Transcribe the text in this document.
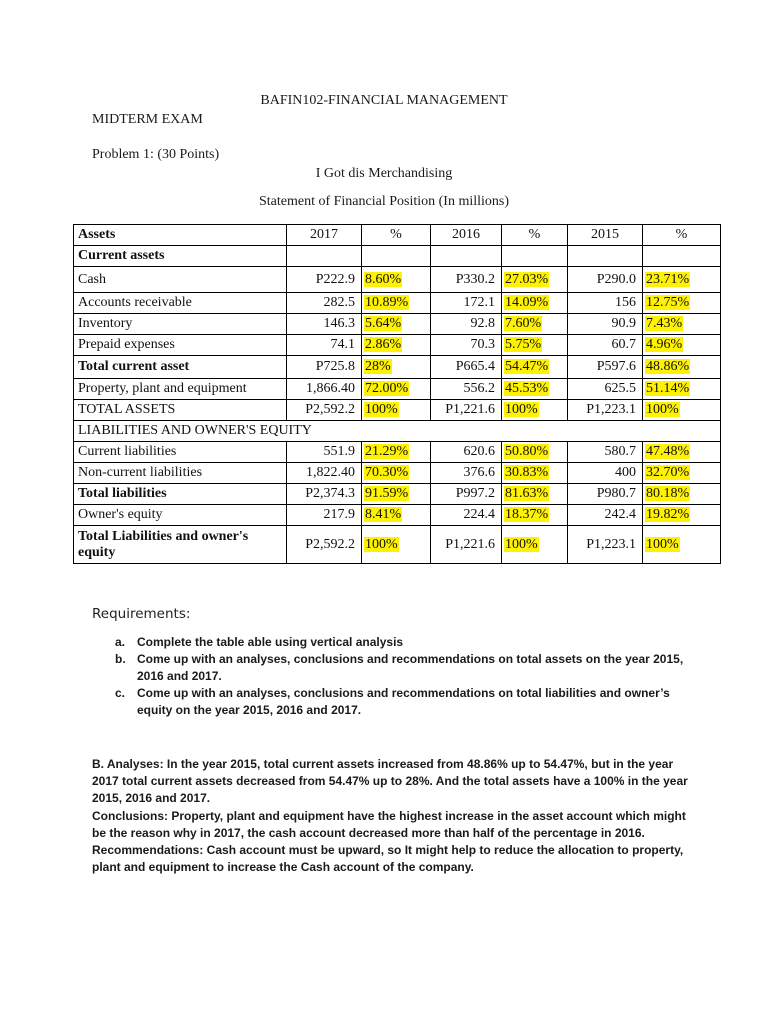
BAFIN102-FINANCIAL MANAGEMENT
MIDTERM EXAM
Problem 1: (30 Points)
I Got dis Merchandising
Statement of Financial Position (In millions)
Assets	2017	%	2016	%	2015	%
Current assets						
Cash	P222.9	8.60%	P330.2	27.03%	P290.0	23.71%
Accounts receivable	282.5	10.89%	172.1	14.09%	156	12.75%
Inventory	146.3	5.64%	92.8	7.60%	90.9	7.43%
Prepaid expenses	74.1	2.86%	70.3	5.75%	60.7	4.96%
Total current asset	P725.8	28%	P665.4	54.47%	P597.6	48.86%
Property, plant and equipment	1,866.40	72.00%	556.2	45.53%	625.5	51.14%
TOTAL ASSETS	P2,592.2	100%	P1,221.6	100%	P1,223.1	100%
LIABILITIES AND OWNER'S EQUITY						
Current liabilities	551.9	21.29%	620.6	50.80%	580.7	47.48%
Non-current liabilities	1,822.40	70.30%	376.6	30.83%	400	32.70%
Total liabilities	P2,374.3	91.59%	P997.2	81.63%	P980.7	80.18%
Owner's equity	217.9	8.41%	224.4	18.37%	242.4	19.82%
Total Liabilities and owner's equity	P2,592.2	100%	P1,221.6	100%	P1,223.1	100%
Requirements:
a. Complete the table able using vertical analysis
b. Come up with an analyses, conclusions and recommendations on total assets on the year 2015, 2016 and 2017.
c. Come up with an analyses, conclusions and recommendations on total liabilities and owner’s equity on the year 2015, 2016 and 2017.

B. Analyses: In the year 2015, total current assets increased from 48.86% up to 54.47%, but in the year 2017 total current assets decreased from 54.47% up to 28%. And the total assets have a 100% in the year 2015, 2016 and 2017.

Conclusions: Property, plant and equipment have the highest increase in the asset account which might be the reason why in 2017, the cash account decreased more than half of the percentage in 2016.

Recommendations: Cash account must be upward, so It might help to reduce the allocation to property, plant and equipment to increase the Cash account of the company.
